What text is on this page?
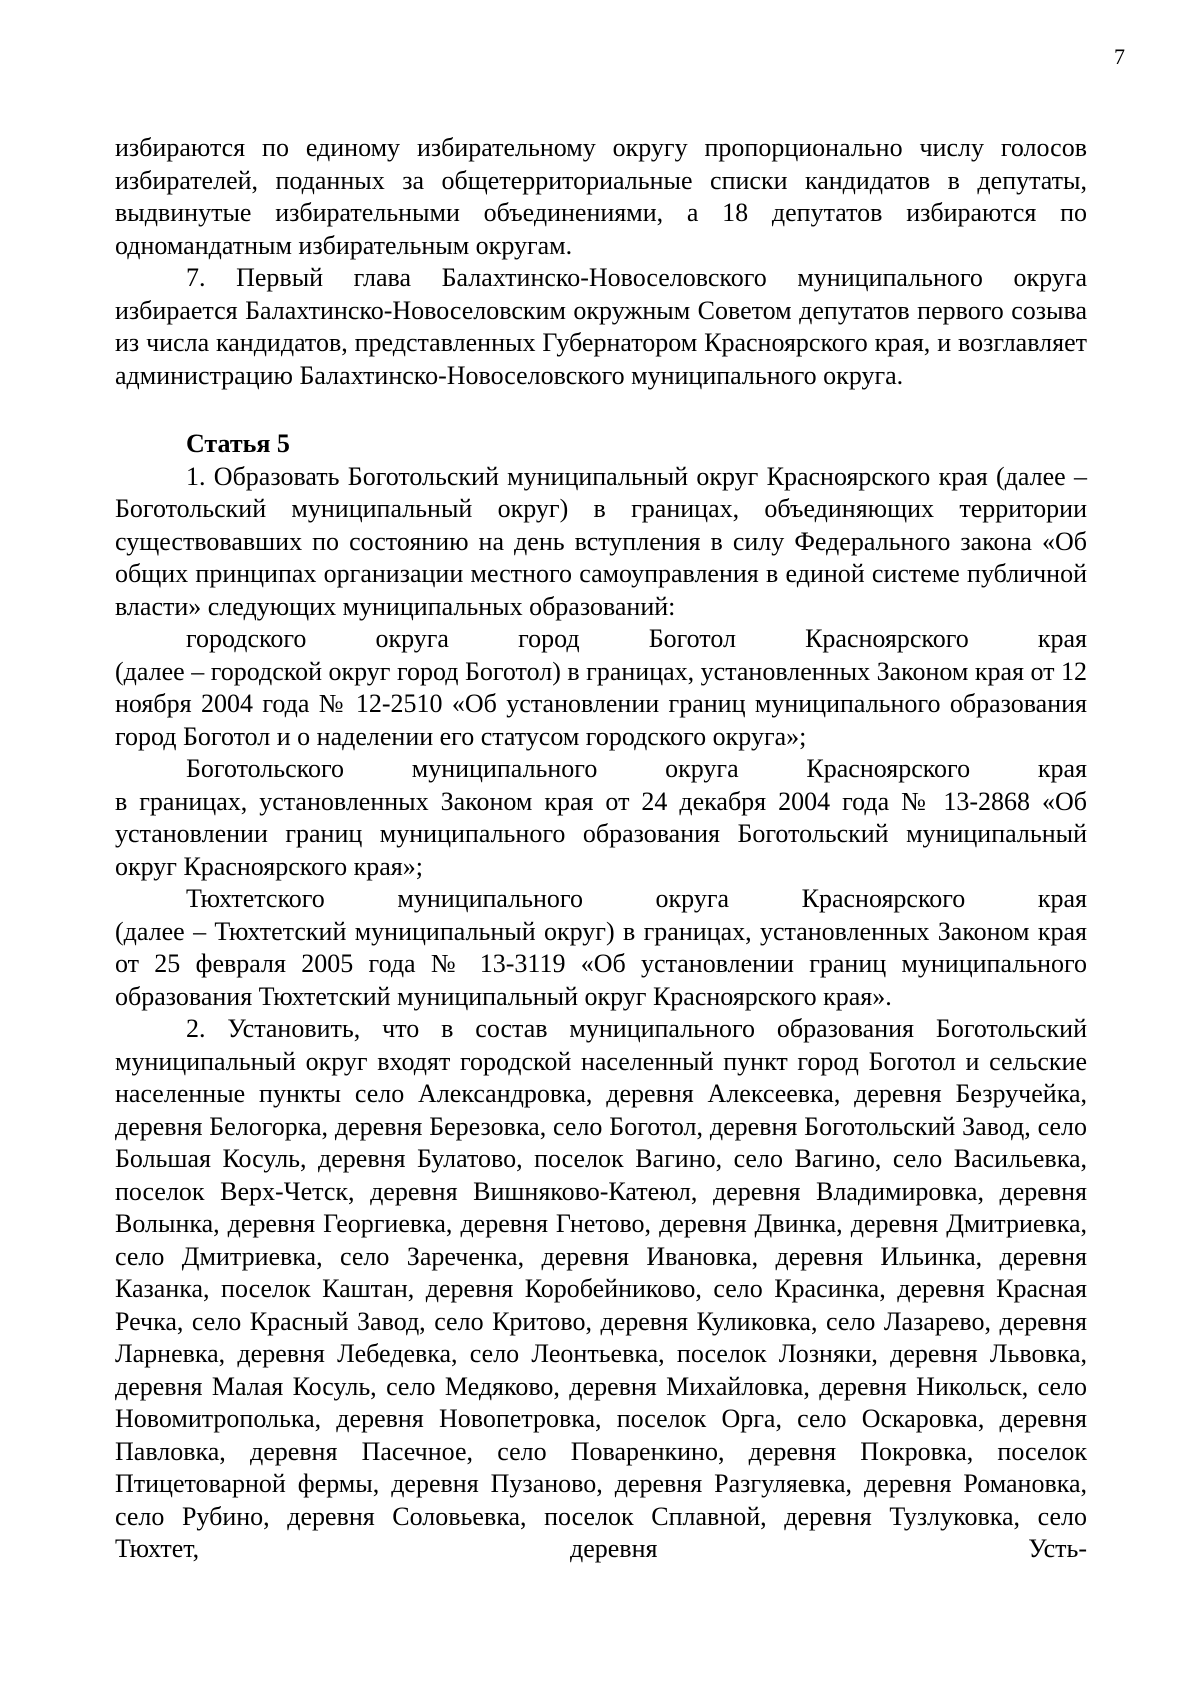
7

избираются по единому избирательному округу пропорционально числу голосов избирателей, поданных за общетерриториальные списки кандидатов в депутаты, выдвинутые избирательными объединениями, а 18 депутатов избираются по одномандатным избирательным округам.

7. Первый глава Балахтинско-Новоселовского муниципального округа избирается Балахтинско-Новоселовским окружным Советом депутатов первого созыва из числа кандидатов, представленных Губернатором Красноярского края, и возглавляет администрацию Балахтинско-Новоселовского муниципального округа.

Статья 5

1. Образовать Боготольский муниципальный округ Красноярского края (далее – Боготольский муниципальный округ) в границах, объединяющих территории существовавших по состоянию на день вступления в силу Федерального закона «Об общих принципах организации местного самоуправления в единой системе публичной власти» следующих муниципальных образований:

городского округа город Боготол Красноярского края

(далее – городской округ город Боготол) в границах, установленных Законом края от 12 ноября 2004 года № 12-2510 «Об установлении границ муниципального образования город Боготол и о наделении его статусом городского округа»;

Боготольского муниципального округа Красноярского края

в границах, установленных Законом края от 24 декабря 2004 года № 13-2868 «Об установлении границ муниципального образования Боготольский муниципальный округ Красноярского края»;

Тюхтетского муниципального округа Красноярского края

(далее – Тюхтетский муниципальный округ) в границах, установленных Законом края от 25 февраля 2005 года № 13-3119 «Об установлении границ муниципального образования Тюхтетский муниципальный округ Красноярского края».

2. Установить, что в состав муниципального образования Боготольский муниципальный округ входят городской населенный пункт город Боготол и сельские населенные пункты село Александровка, деревня Алексеевка, деревня Безручейка, деревня Белогорка, деревня Березовка, село Боготол, деревня Боготольский Завод, село Большая Косуль, деревня Булатово, поселок Вагино, село Вагино, село Васильевка, поселок Верх-Четск, деревня Вишняково-Катеюл, деревня Владимировка, деревня Волынка, деревня Георгиевка, деревня Гнетово, деревня Двинка, деревня Дмитриевка, село Дмитриевка, село Зареченка, деревня Ивановка, деревня Ильинка, деревня Казанка, поселок Каштан, деревня Коробейниково, село Красинка, деревня Красная Речка, село Красный Завод, село Критово, деревня Куликовка, село Лазарево, деревня Ларневка, деревня Лебедевка, село Леонтьевка, поселок Лозняки, деревня Львовка, деревня Малая Косуль, село Медяково, деревня Михайловка, деревня Никольск, село Новомитрополька, деревня Новопетровка, поселок Орга, село Оскаровка, деревня Павловка, деревня Пасечное, село Поваренкино, деревня Покровка, поселок Птицетоварной фермы, деревня Пузаново, деревня Разгуляевка, деревня Романовка, село Рубино, деревня Соловьевка, поселок Сплавной, деревня Тузлуковка, село Тюхтет, деревня Усть-
